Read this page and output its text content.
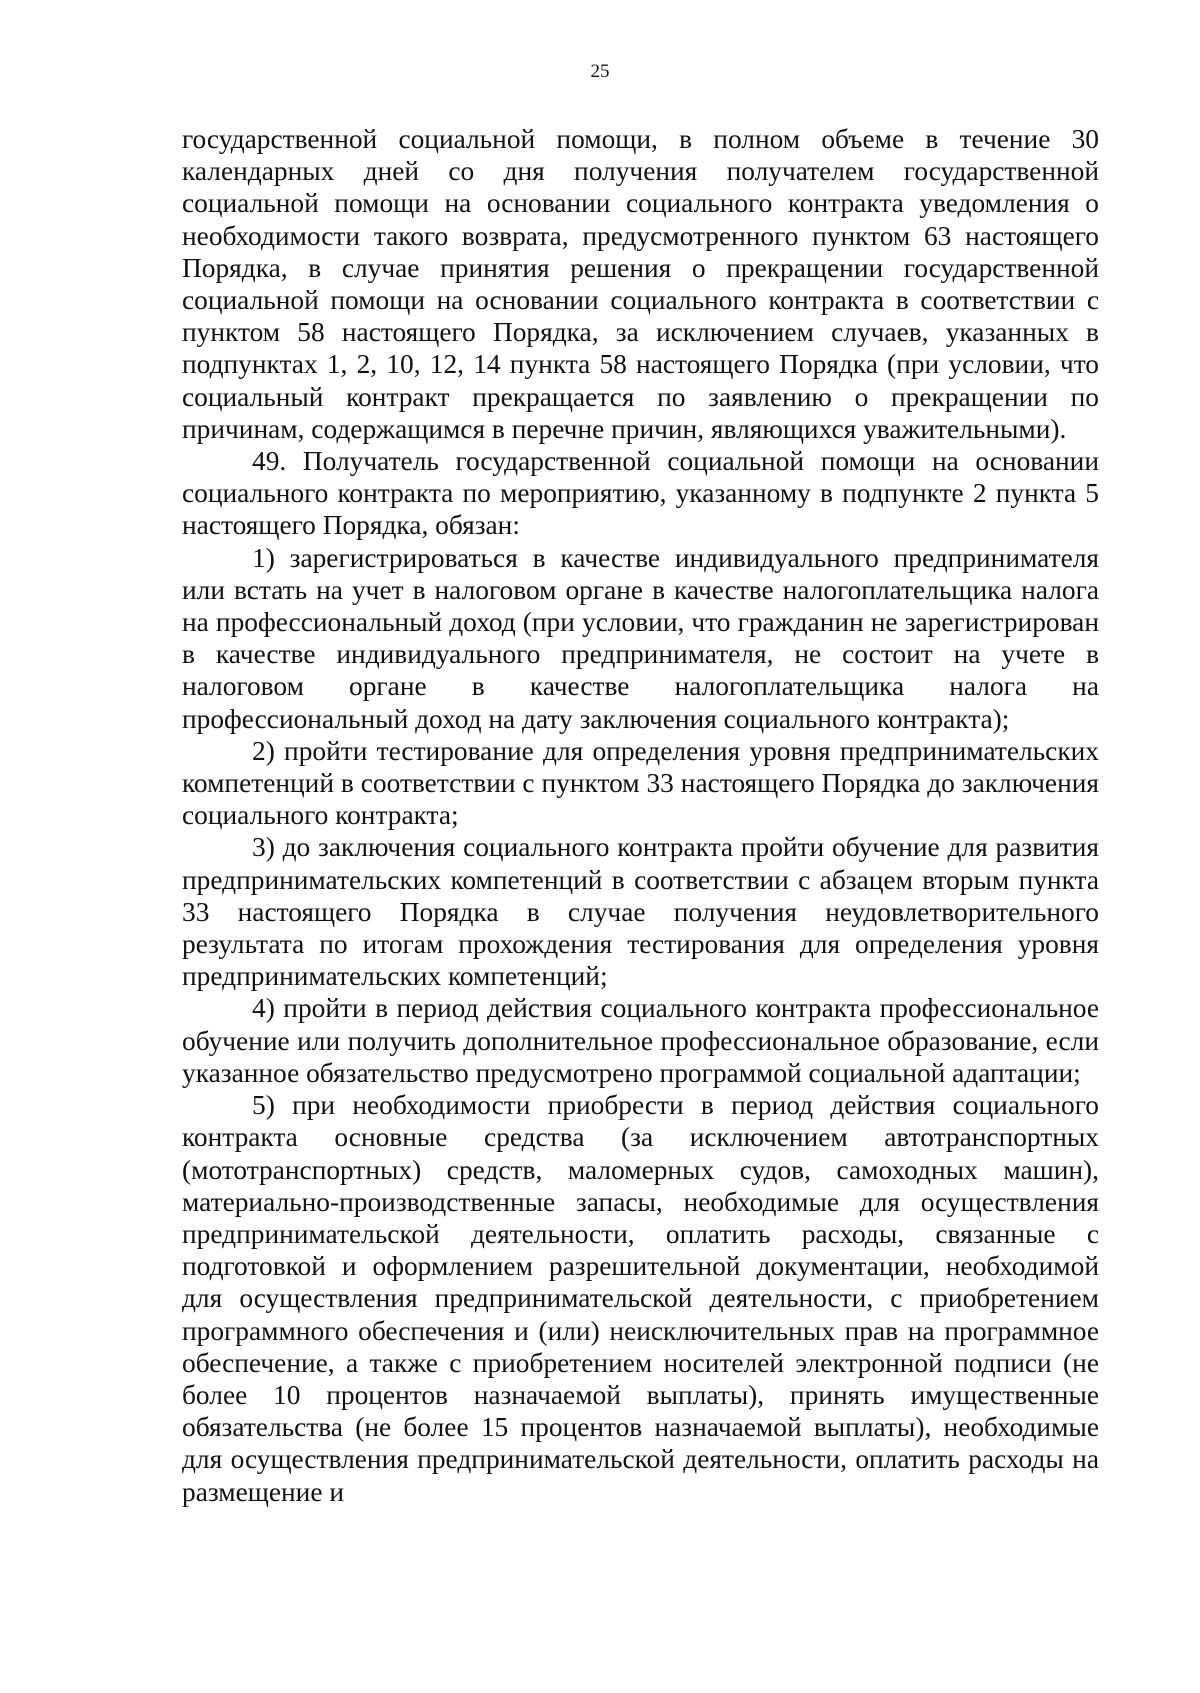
25

государственной социальной помощи, в полном объеме в течение 30 календарных дней со дня получения получателем государственной социальной помощи на основании социального контракта уведомления о необходимости такого возврата, предусмотренного пунктом 63 настоящего Порядка, в случае принятия решения о прекращении государственной социальной помощи на основании социального контракта в соответствии с пунктом 58 настоящего Порядка, за исключением случаев, указанных в подпунктах 1, 2, 10, 12, 14 пункта 58 настоящего Порядка (при условии, что социальный контракт прекращается по заявлению о прекращении по причинам, содержащимся в перечне причин, являющихся уважительными).

49. Получатель государственной социальной помощи на основании социального контракта по мероприятию, указанному в подпункте 2 пункта 5 настоящего Порядка, обязан:

1) зарегистрироваться в качестве индивидуального предпринимателя или встать на учет в налоговом органе в качестве налогоплательщика налога на профессиональный доход (при условии, что гражданин не зарегистрирован в качестве индивидуального предпринимателя, не состоит на учете в налоговом органе в качестве налогоплательщика налога на профессиональный доход на дату заключения социального контракта);

2) пройти тестирование для определения уровня предпринимательских компетенций в соответствии с пунктом 33 настоящего Порядка до заключения социального контракта;

3) до заключения социального контракта пройти обучение для развития предпринимательских компетенций в соответствии с абзацем вторым пункта 33 настоящего Порядка в случае получения неудовлетворительного результата по итогам прохождения тестирования для определения уровня предпринимательских компетенций;

4) пройти в период действия социального контракта профессиональное обучение или получить дополнительное профессиональное образование, если указанное обязательство предусмотрено программой социальной адаптации;

5) при необходимости приобрести в период действия социального контракта основные средства (за исключением автотранспортных (мототранспортных) средств, маломерных судов, самоходных машин), материально-производственные запасы, необходимые для осуществления предпринимательской деятельности, оплатить расходы, связанные с подготовкой и оформлением разрешительной документации, необходимой для осуществления предпринимательской деятельности, с приобретением программного обеспечения и (или) неисключительных прав на программное обеспечение, а также с приобретением носителей электронной подписи (не более 10 процентов назначаемой выплаты), принять имущественные обязательства (не более 15 процентов назначаемой выплаты), необходимые для осуществления предпринимательской деятельности, оплатить расходы на размещение и
